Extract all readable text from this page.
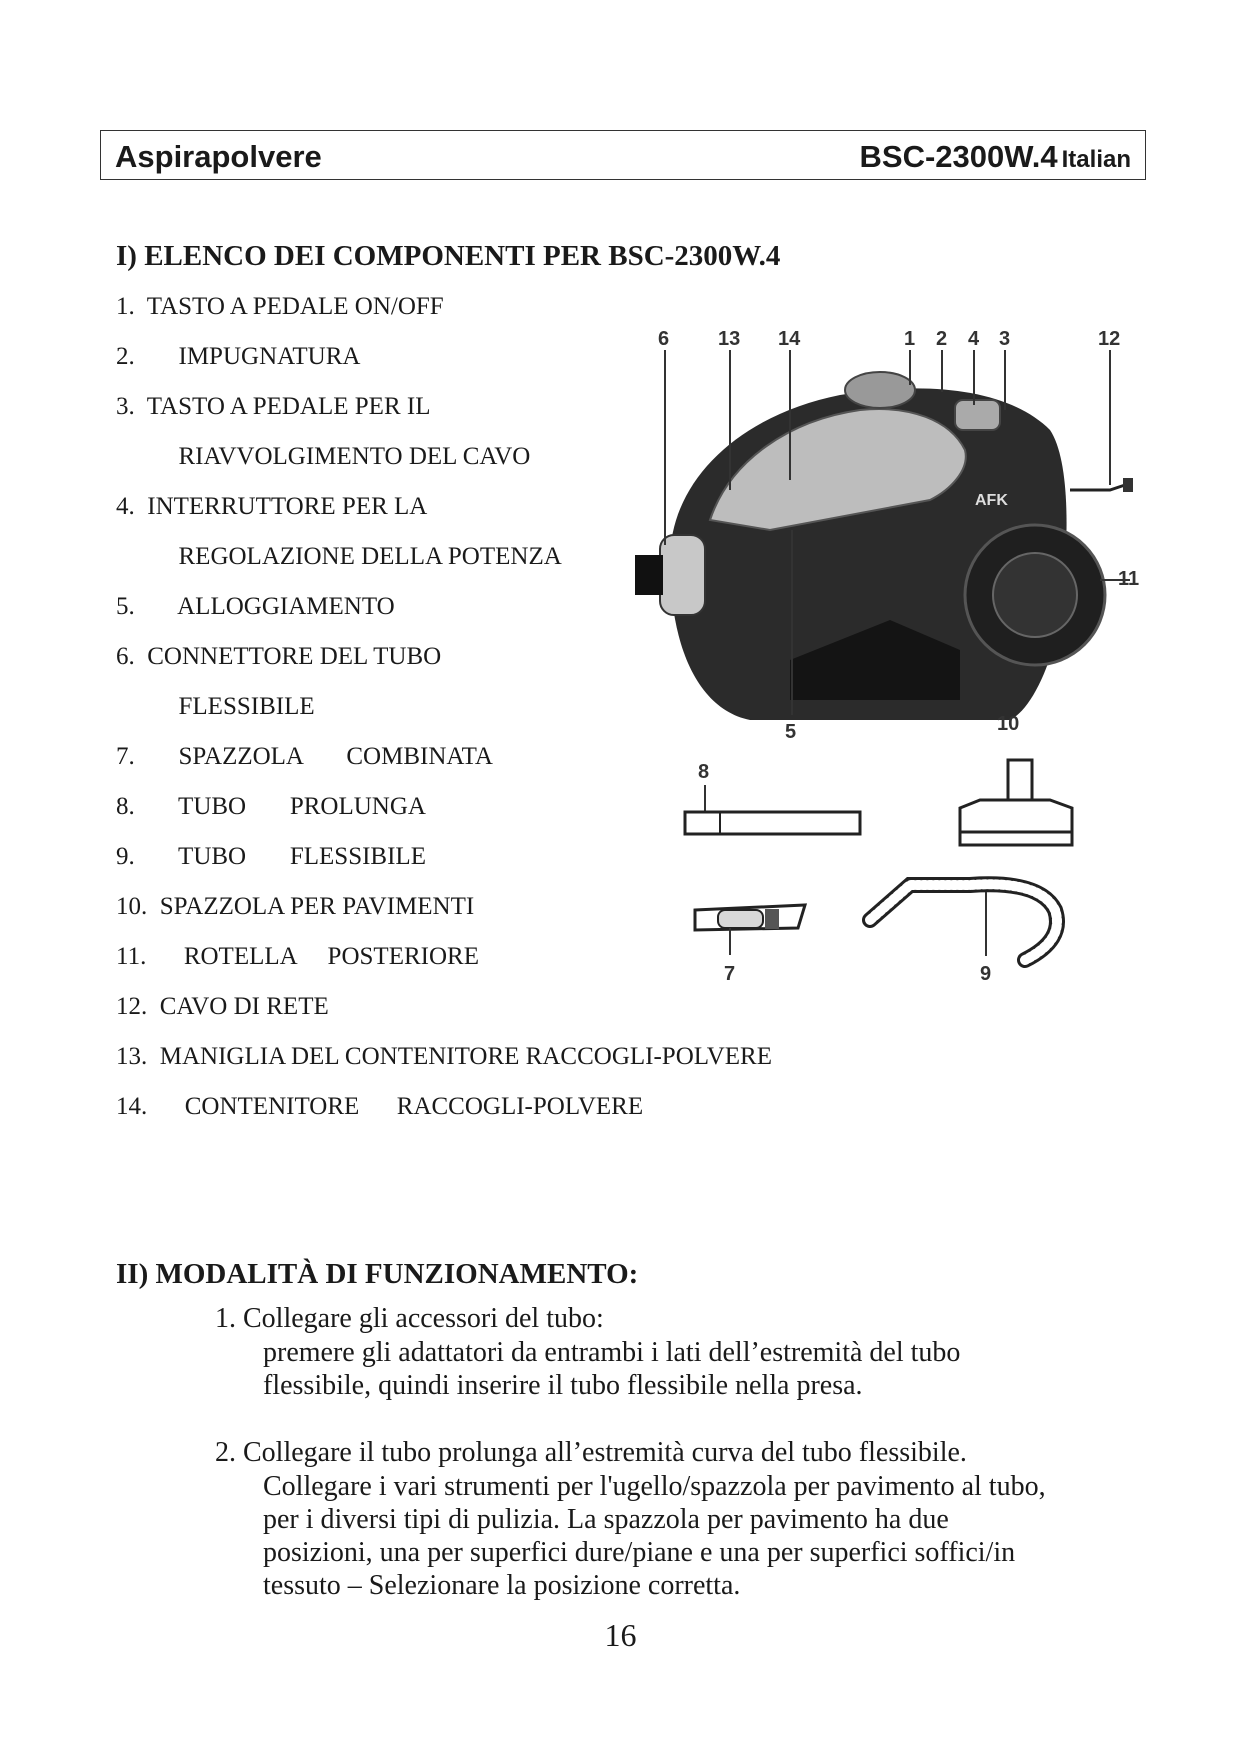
Aspirapolvere	BSC-2300W.4 Italian
I) ELENCO DEI COMPONENTI PER BSC-2300W.4
1.  TASTO A PEDALE ON/OFF
2.       IMPUGNATURA
3.  TASTO A PEDALE PER IL
RIAVVOLGIMENTO DEL CAVO
4.  INTERRUTTORE PER LA
REGOLAZIONE DELLA POTENZA
5.       ALLOGGIAMENTO
6.  CONNETTORE DEL TUBO
FLESSIBILE
7.       SPAZZOLA       COMBINATA
8.       TUBO       PROLUNGA
9.       TUBO       FLESSIBILE
10.  SPAZZOLA PER PAVIMENTI
11.      ROTELLA     POSTERIORE
12.  CAVO DI RETE
13.  MANIGLIA DEL CONTENITORE RACCOGLI-POLVERE
14.      CONTENITORE      RACCOGLI-POLVERE
AFK
6 13 14	1 2 4 3	12
11
5	10
8
7	9
II) MODALITÀ DI FUNZIONAMENTO:
1. Collegare gli accessori del tubo:
premere gli adattatori da entrambi i lati dell’estremità del tubo
flessibile, quindi inserire il tubo flessibile nella presa.
2. Collegare il tubo prolunga all’estremità curva del tubo flessibile.
Collegare i vari strumenti per l'ugello/spazzola per pavimento al tubo,
per i diversi tipi di pulizia. La spazzola per pavimento ha due
posizioni, una per superfici dure/piane e una per superfici soffici/in
tessuto – Selezionare la posizione corretta.
16
